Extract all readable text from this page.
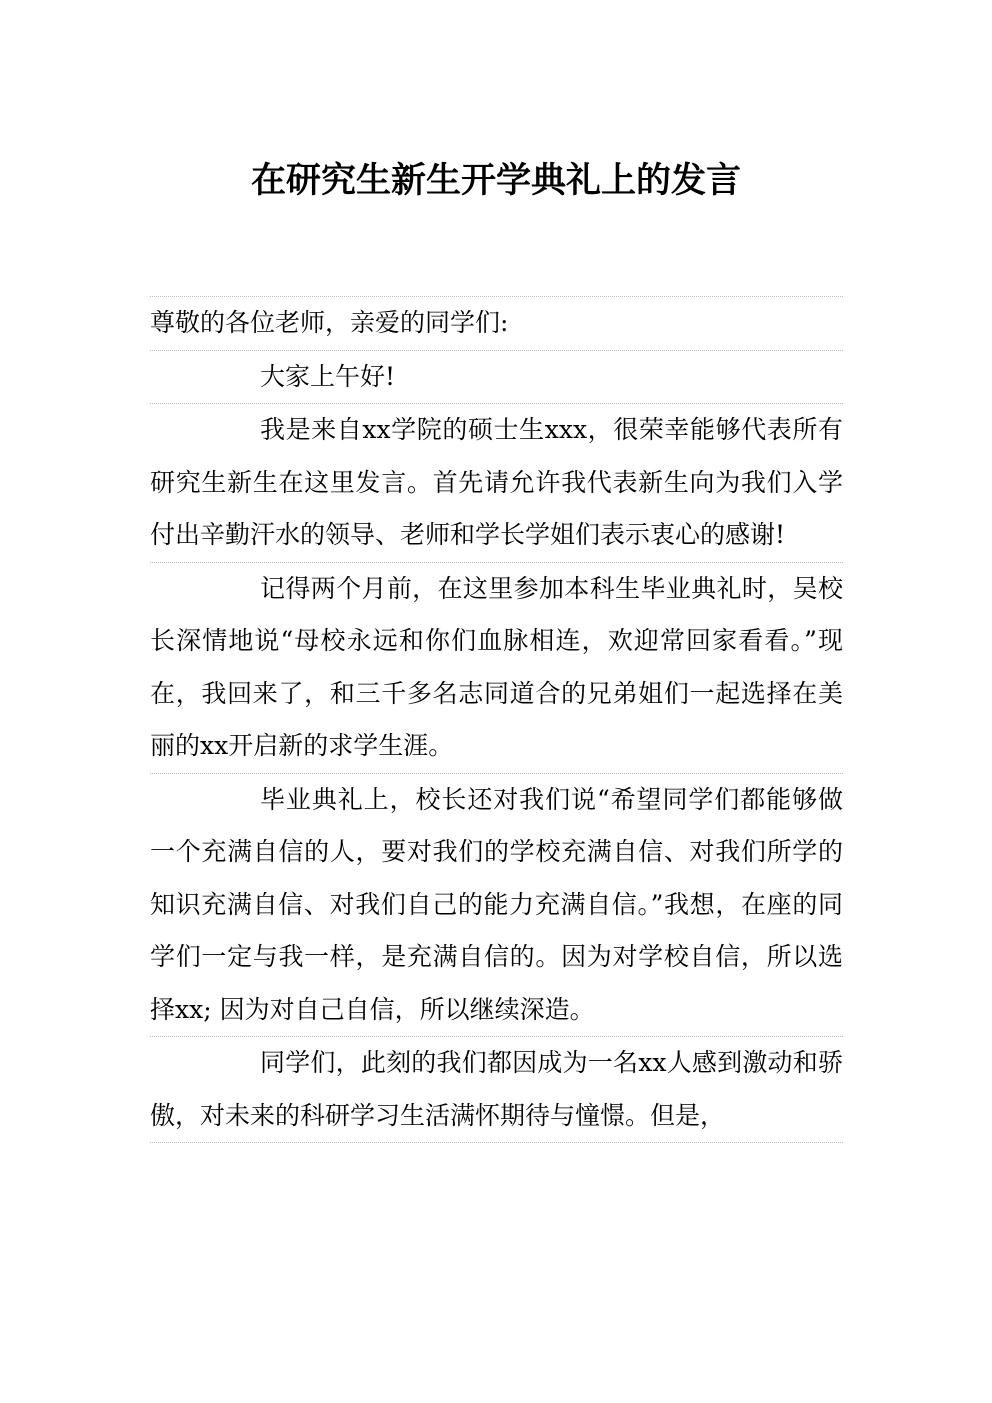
在研究生新生开学典礼上的发言

尊敬的各位老师，亲爱的同学们:

大家上午好!

我是来自xx学院的硕士生xxx，很荣幸能够代表所有研究生新生在这里发言。首先请允许我代表新生向为我们入学付出辛勤汗水的领导、老师和学长学姐们表示衷心的感谢!

记得两个月前，在这里参加本科生毕业典礼时，吴校长深情地说“母校永远和你们血脉相连，欢迎常回家看看。”现在，我回来了，和三千多名志同道合的兄弟姐们一起选择在美丽的xx开启新的求学生涯。

毕业典礼上，校长还对我们说“希望同学们都能够做一个充满自信的人，要对我们的学校充满自信、对我们所学的知识充满自信、对我们自己的能力充满自信。”我想，在座的同学们一定与我一样，是充满自信的。因为对学校自信，所以选择xx; 因为对自己自信，所以继续深造。

同学们，此刻的我们都因成为一名xx人感到激动和骄傲，对未来的科研学习生活满怀期待与憧憬。但是，
